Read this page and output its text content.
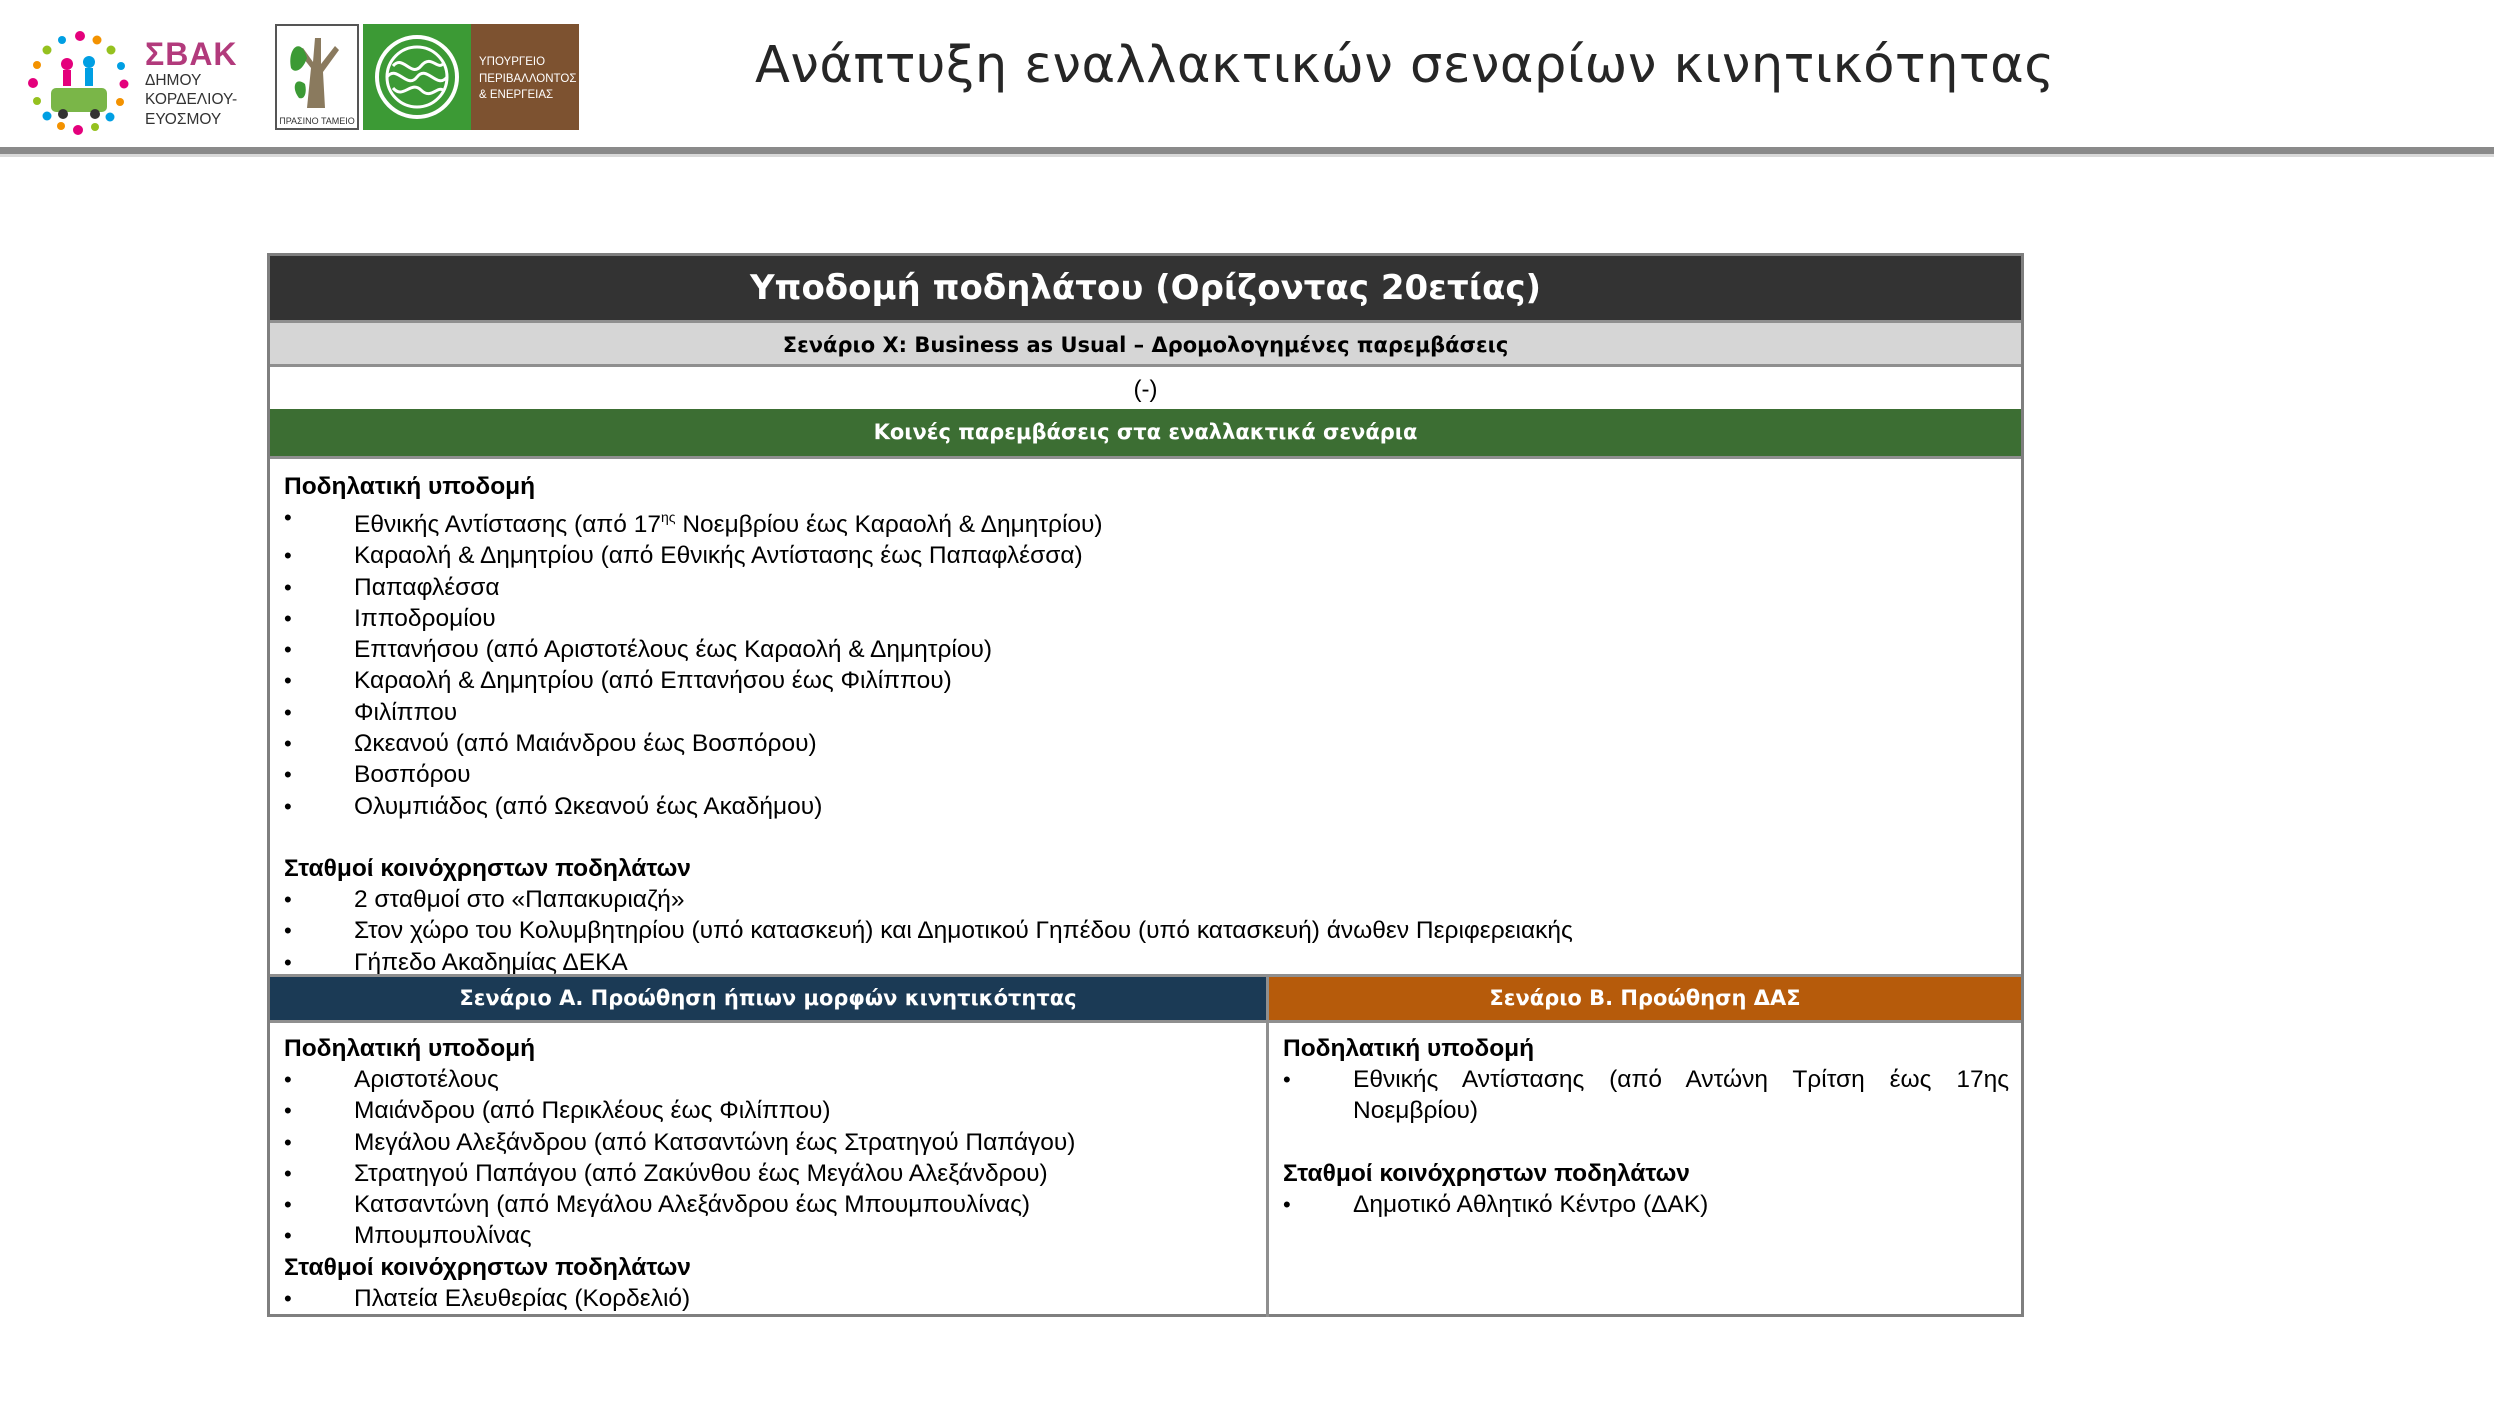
ΣΒΑΚ
ΔΗΜΟΥ
ΚΟΡΔΕΛΙΟΥ-
ΕΥΟΣΜΟΥ	ΠΡΑΣΙΝΟ ΤΑΜΕΙΟ
ΥΠΟΥΡΓΕΙΟ
ΠΕΡΙΒΑΛΛΟΝΤΟΣ
& ΕΝΕΡΓΕΙΑΣ
Ανάπτυξη εναλλακτικών σεναρίων κινητικότητας
Υποδομή ποδηλάτου (Ορίζοντας 20ετίας)
Σενάριο Χ: Business as Usual – Δρομολογημένες παρεμβάσεις
(-)
Κοινές παρεμβάσεις στα εναλλακτικά σενάρια
Ποδηλατική υποδομή
• Εθνικής Αντίστασης (από $17^{\eta\varsigma}$ Νοεμβρίου έως Καραολή & Δημητρίου)
• Καραολή & Δημητρίου (από Εθνικής Αντίστασης έως Παπαφλέσσα)
• Παπαφλέσσα
• Ιπποδρομίου
• Επτανήσου (από Αριστοτέλους έως Καραολή & Δημητρίου)
• Καραολή & Δημητρίου (από Επτανήσου έως Φιλίππου)
• Φιλίππου
• Ωκεανού (από Μαιάνδρου έως Βοσπόρου)
• Βοσπόρου
• Ολυμπιάδος (από Ωκεανού έως Ακαδήμου)
Σταθμοί κοινόχρηστων ποδηλάτων
• 2 σταθμοί στο «Παπακυριαζή»
• Στον χώρο του Κολυμβητηρίου (υπό κατασκευή) και Δημοτικού Γηπέδου (υπό κατασκευή) άνωθεν Περιφερειακής
• Γήπεδο Ακαδημίας ΔΕΚΑ
Σενάριο Α. Προώθηση ήπιων μορφών κινητικότητας	Σενάριο Β. Προώθηση ΔΑΣ
Ποδηλατική υποδομή
• Αριστοτέλους
• Μαιάνδρου (από Περικλέους έως Φιλίππου)
• Μεγάλου Αλεξάνδρου (από Κατσαντώνη έως Στρατηγού Παπάγου)
• Στρατηγού Παπάγου (από Ζακύνθου έως Μεγάλου Αλεξάνδρου)
• Κατσαντώνη (από Μεγάλου Αλεξάνδρου έως Μπουμπουλίνας)
• Μπουμπουλίνας
Σταθμοί κοινόχρηστων ποδηλάτων
• Πλατεία Ελευθερίας (Κορδελιό)
Ποδηλατική υποδομή
• Εθνικής Αντίστασης (από Αντώνη Τρίτση έως 17ης Νοεμβρίου)
Σταθμοί κοινόχρηστων ποδηλάτων
• Δημοτικό Αθλητικό Κέντρο (ΔΑΚ)
